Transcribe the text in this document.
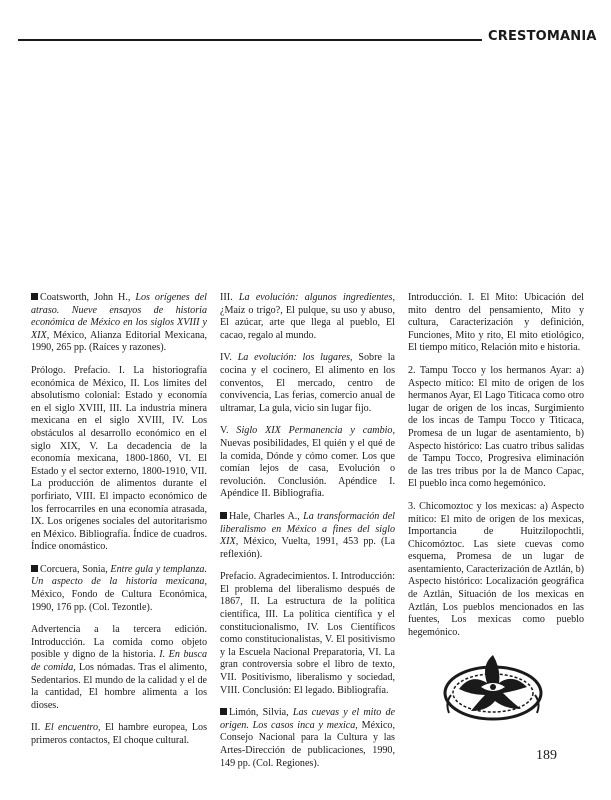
CRESTOMANIA

Coatsworth, John H., Los orígenes del atraso. Nueve ensayos de historia económica de México en los siglos XVIII y XIX, México, Alianza Editorial Mexicana, 1990, 265 pp. (Raíces y razones).

Prólogo. Prefacio. I. La historiografía económica de México, II. Los límites del absolutismo colonial: Estado y economía en el siglo XVIII, III. La industria minera mexicana en el siglo XVIII, IV. Los obstáculos al desarrollo económico en el siglo XIX, V. La decadencia de la economía mexicana, 1800-1860, VI. El Estado y el sector externo, 1800-1910, VII. La producción de alimentos durante el porfiriato, VIII. El impacto económico de los ferrocarriles en una economía atrasada, IX. Los orígenes sociales del autoritarismo en México. Bibliografía. Índice de cuadros. Índice onomástico.

Corcuera, Sonia, Entre gula y templanza. Un aspecto de la historia mexicana, México, Fondo de Cultura Económica, 1990, 176 pp. (Col. Tezontle).

Advertencia a la tercera edición. Introducción. La comida como objeto posible y digno de la historia. I. En busca de comida, Los nómadas. Tras el alimento, Sedentarios. El mundo de la calidad y el de la cantidad, El hombre alimenta a los dioses.

II. El encuentro, El hambre europea, Los primeros contactos, El choque cultural.

III. La evolución: algunos ingredientes, ¿Maíz o trigo?, El pulque, su uso y abuso, El azúcar, arte que llega al pueblo, El cacao, regalo al mundo.

IV. La evolución: los lugares, Sobre la cocina y el cocinero, El alimento en los conventos, El mercado, centro de convivencia, Las ferias, comercio anual de ultramar, La gula, vicio sin lugar fijo.

V. Siglo XIX Permanencia y cambio, Nuevas posibilidades, El quién y el qué de la comida, Dónde y cómo comer. Los que comían lejos de casa, Evolución o revolución. Conclusión. Apéndice I. Apéndice II. Bibliografía.

Hale, Charles A., La transformación del liberalismo en México a fines del siglo XIX, México, Vuelta, 1991, 453 pp. (La reflexión).

Prefacio. Agradecimientos. I. Introducción: El problema del liberalismo después de 1867, II. La estructura de la política científica, III. La política científica y el constitucionalismo, IV. Los Científicos como constitucionalistas, V. El positivismo y la Escuela Nacional Preparatoria, VI. La gran controversia sobre el libro de texto, VII. Positivismo, liberalismo y sociedad, VIII. Conclusión: El legado. Bibliografía.

Limón, Silvia, Las cuevas y el mito de origen. Los casos inca y mexica, México, Consejo Nacional para la Cultura y las Artes-Dirección de publicaciones, 1990, 149 pp. (Col. Regiones).

Introducción. I. El Mito: Ubicación del mito dentro del pensamiento, Mito y cultura, Caracterización y definición, Funciones, Mito y rito, El mito etiológico, El tiempo mítico, Relación mito e historia.

2. Tampu Tocco y los hermanos Ayar: a) Aspecto mítico: El mito de origen de los hermanos Ayar, El Lago Titicaca como otro lugar de origen de los incas, Surgimiento de los incas de Tampu Tocco y Titicaca, Promesa de un lugar de asentamiento, b) Aspecto histórico: Las cuatro tribus salidas de Tampu Tocco, Progresiva eliminación de las tres tribus por la de Manco Capac, El pueblo inca como hegemónico.

3. Chicomoztoc y los mexicas: a) Aspecto mítico: El mito de origen de los mexicas, Importancia de Huitzilopochtli, Chicomóztoc. Las siete cuevas como esquema, Promesa de un lugar de asentamiento, Caracterización de Aztlán, b) Aspecto histórico: Localización geográfica de Aztlán, Situación de los mexicas en Aztlán, Los pueblos mencionados en las fuentes, Los mexicas como pueblo hegemónico.

189
